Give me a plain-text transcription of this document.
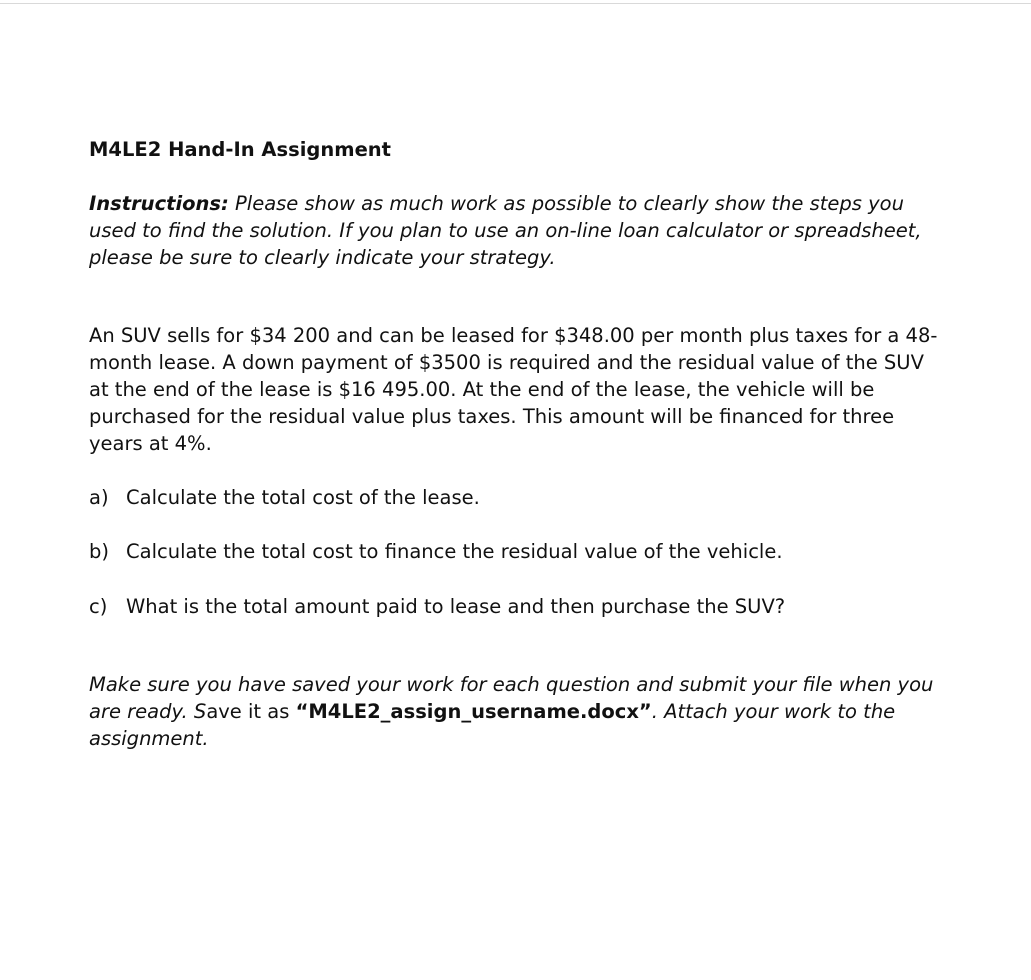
M4LE2 Hand-In Assignment
Instructions: Please show as much work as possible to clearly show the steps you used to find the solution. If you plan to use an on-line loan calculator or spreadsheet, please be sure to clearly indicate your strategy.
An SUV sells for $34 200 and can be leased for $348.00 per month plus taxes for a 48-month lease. A down payment of $3500 is required and the residual value of the SUV at the end of the lease is $16 495.00. At the end of the lease, the vehicle will be purchased for the residual value plus taxes. This amount will be financed for three years at 4%.
a) Calculate the total cost of the lease.
b) Calculate the total cost to finance the residual value of the vehicle.
c) What is the total amount paid to lease and then purchase the SUV?
Make sure you have saved your work for each question and submit your file when you are ready. Save it as “M4LE2_assign_username.docx”. Attach your work to the assignment.
